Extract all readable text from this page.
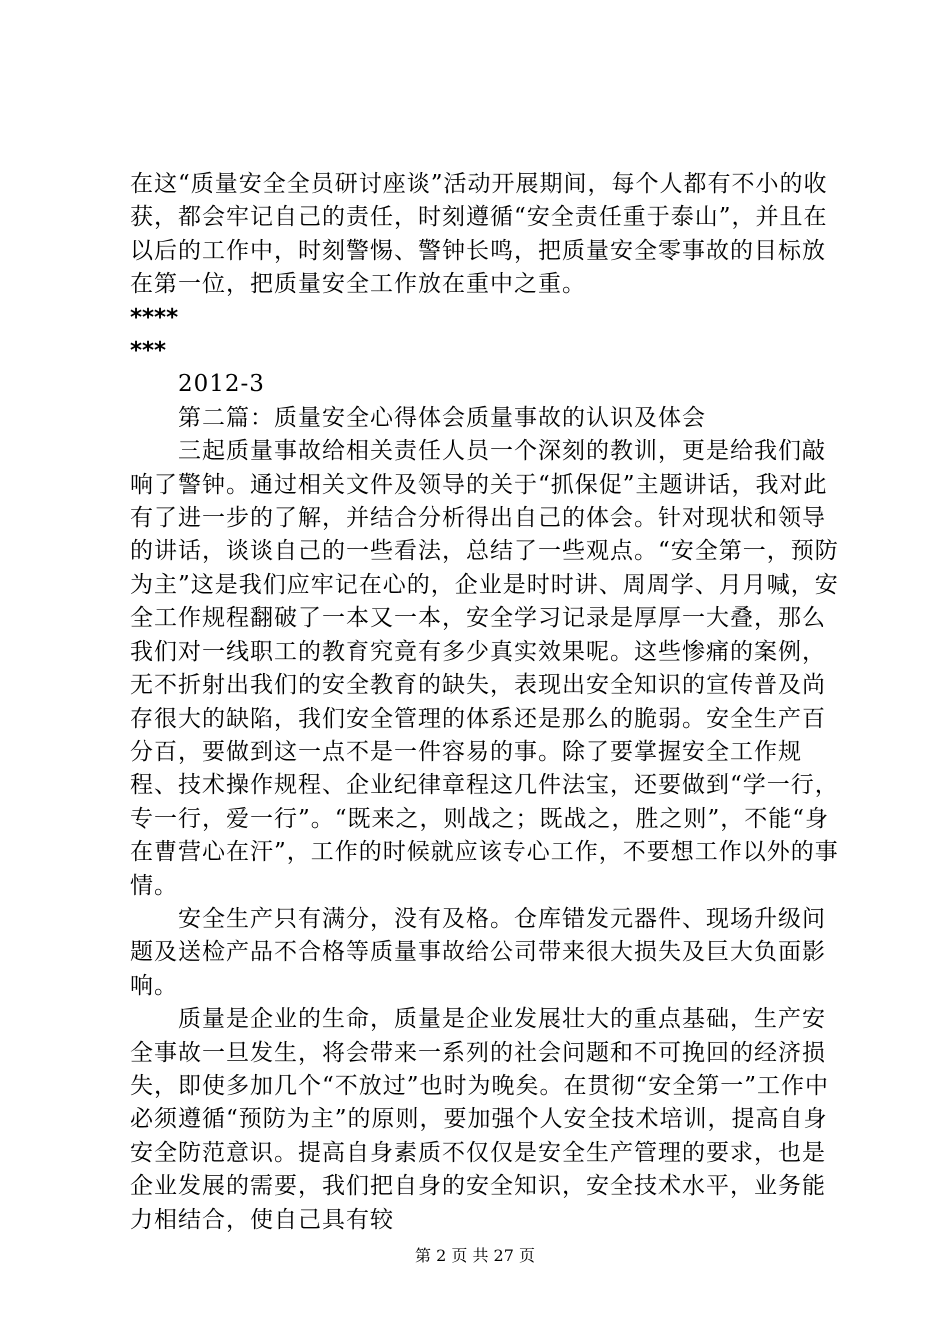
在这“质量安全全员研讨座谈”活动开展期间，每个人都有不小的收获，都会牢记自己的责任，时刻遵循“安全责任重于泰山”，并且在以后的工作中，时刻警惕、警钟长鸣，把质量安全零事故的目标放在第一位，把质量安全工作放在重中之重。

****

***

2012-3

第二篇：质量安全心得体会质量事故的认识及体会

三起质量事故给相关责任人员一个深刻的教训，更是给我们敲响了警钟。通过相关文件及领导的关于“抓保促”主题讲话，我对此有了进一步的了解，并结合分析得出自己的体会。针对现状和领导的讲话，谈谈自己的一些看法，总结了一些观点。“安全第一，预防为主”这是我们应牢记在心的，企业是时时讲、周周学、月月喊，安全工作规程翻破了一本又一本，安全学习记录是厚厚一大叠，那么我们对一线职工的教育究竟有多少真实效果呢。这些惨痛的案例，无不折射出我们的安全教育的缺失，表现出安全知识的宣传普及尚存很大的缺陷，我们安全管理的体系还是那么的脆弱。安全生产百分百，要做到这一点不是一件容易的事。除了要掌握安全工作规程、技术操作规程、企业纪律章程这几件法宝，还要做到“学一行，专一行，爱一行”。“既来之，则战之；既战之，胜之则”，不能“身在曹营心在汗”，工作的时候就应该专心工作，不要想工作以外的事情。

安全生产只有满分，没有及格。仓库错发元器件、现场升级问题及送检产品不合格等质量事故给公司带来很大损失及巨大负面影响。

质量是企业的生命，质量是企业发展壮大的重点基础，生产安全事故一旦发生，将会带来一系列的社会问题和不可挽回的经济损失，即使多加几个“不放过”也时为晚矣。在贯彻“安全第一”工作中必须遵循“预防为主”的原则，要加强个人安全技术培训，提高自身安全防范意识。提高自身素质不仅仅是安全生产管理的要求，也是企业发展的需要，我们把自身的安全知识，安全技术水平，业务能力相结合，使自己具有较

第 2 页 共 27 页
